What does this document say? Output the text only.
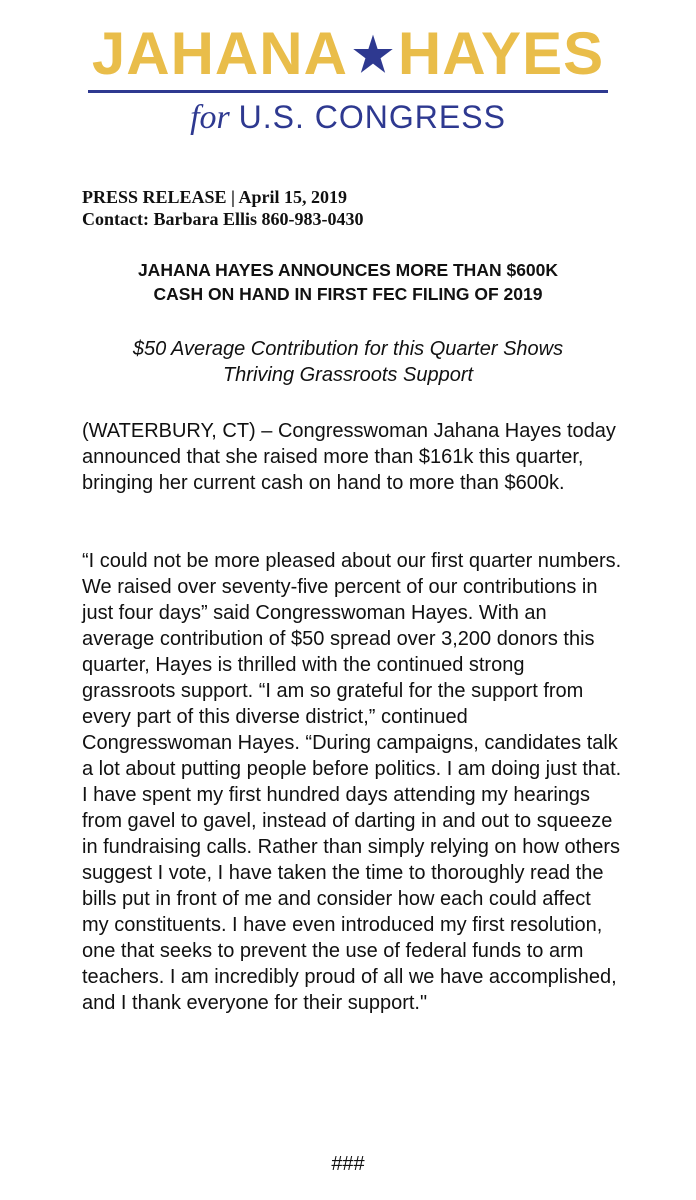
JAHANA HAYES
for U.S. CONGRESS
PRESS RELEASE | April 15, 2019
Contact: Barbara Ellis 860-983-0430
JAHANA HAYES ANNOUNCES MORE THAN $600K
CASH ON HAND IN FIRST FEC FILING OF 2019
$50 Average Contribution for this Quarter Shows
Thriving Grassroots Support

(WATERBURY, CT) – Congresswoman Jahana Hayes today announced that she raised more than $161k this quarter, bringing her current cash on hand to more than $600k.

“I could not be more pleased about our first quarter numbers. We raised over seventy-five percent of our contributions in just four days” said Congresswoman Hayes. With an average contribution of $50 spread over 3,200 donors this quarter, Hayes is thrilled with the continued strong grassroots support. “I am so grateful for the support from every part of this diverse district,” continued Congresswoman Hayes. “During campaigns, candidates talk a lot about putting people before politics. I am doing just that. I have spent my first hundred days attending my hearings from gavel to gavel, instead of darting in and out to squeeze in fundraising calls. Rather than simply relying on how others suggest I vote, I have taken the time to thoroughly read the bills put in front of me and consider how each could affect my constituents. I have even introduced my first resolution, one that seeks to prevent the use of federal funds to arm teachers. I am incredibly proud of all we have accomplished, and I thank everyone for their support."

###
